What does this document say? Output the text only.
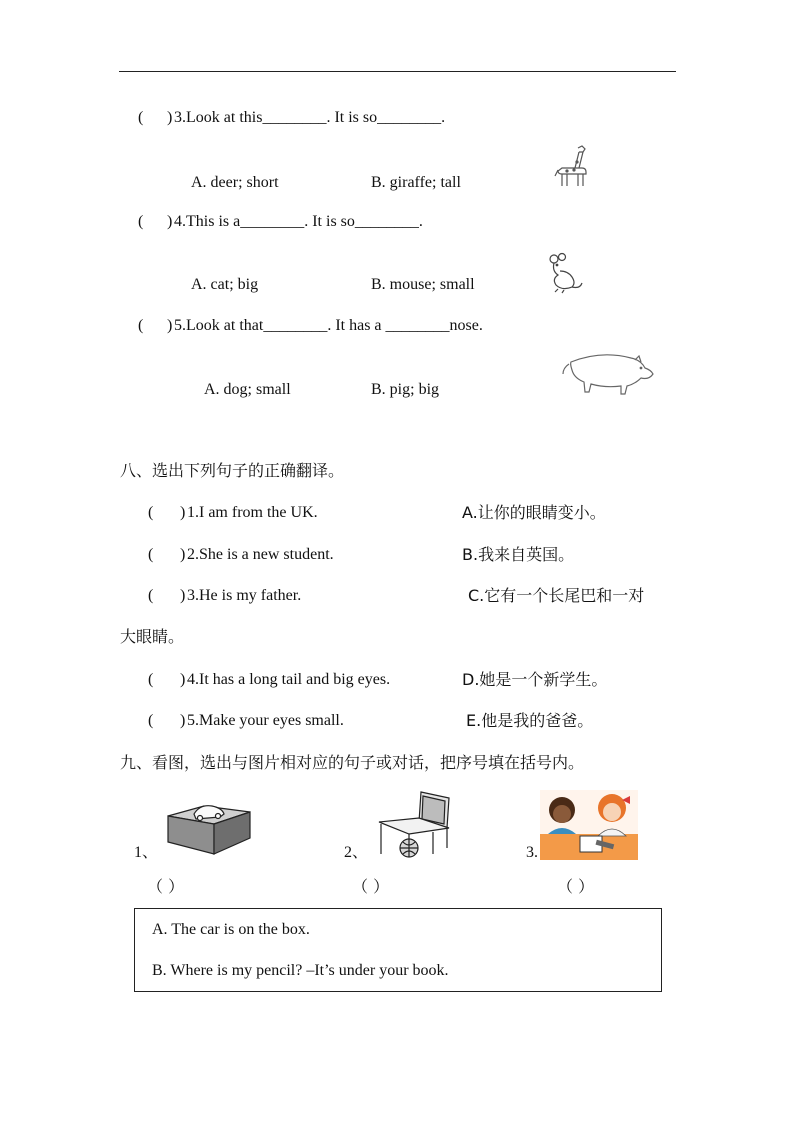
( ) 3.Look at this________. It is so________.
A. deer; short	B. giraffe; tall
( ) 4.This is a________. It is so________.
A. cat; big	B. mouse; small
( ) 5.Look at that________. It has a ________nose.
A. dog; small	B. pig; big
八、选出下列句子的正确翻译。
( ) 1.I am from the UK.	A.让你的眼睛变小。
( ) 2.She is a new student.	B.我来自英国。
( ) 3.He is my father.	C.它有一个长尾巴和一对
大眼睛。
( ) 4.It has a long tail and big eyes.	D.她是一个新学生。
( ) 5.Make your eyes small.	E.他是我的爸爸。
九、看图，选出与图片相对应的句子或对话，把序号填在括号内。
1、
（ ）
2、
（ ）
3.
（ ）
A. The car is on the box.
B. Where is my pencil? –It’s under your book.
